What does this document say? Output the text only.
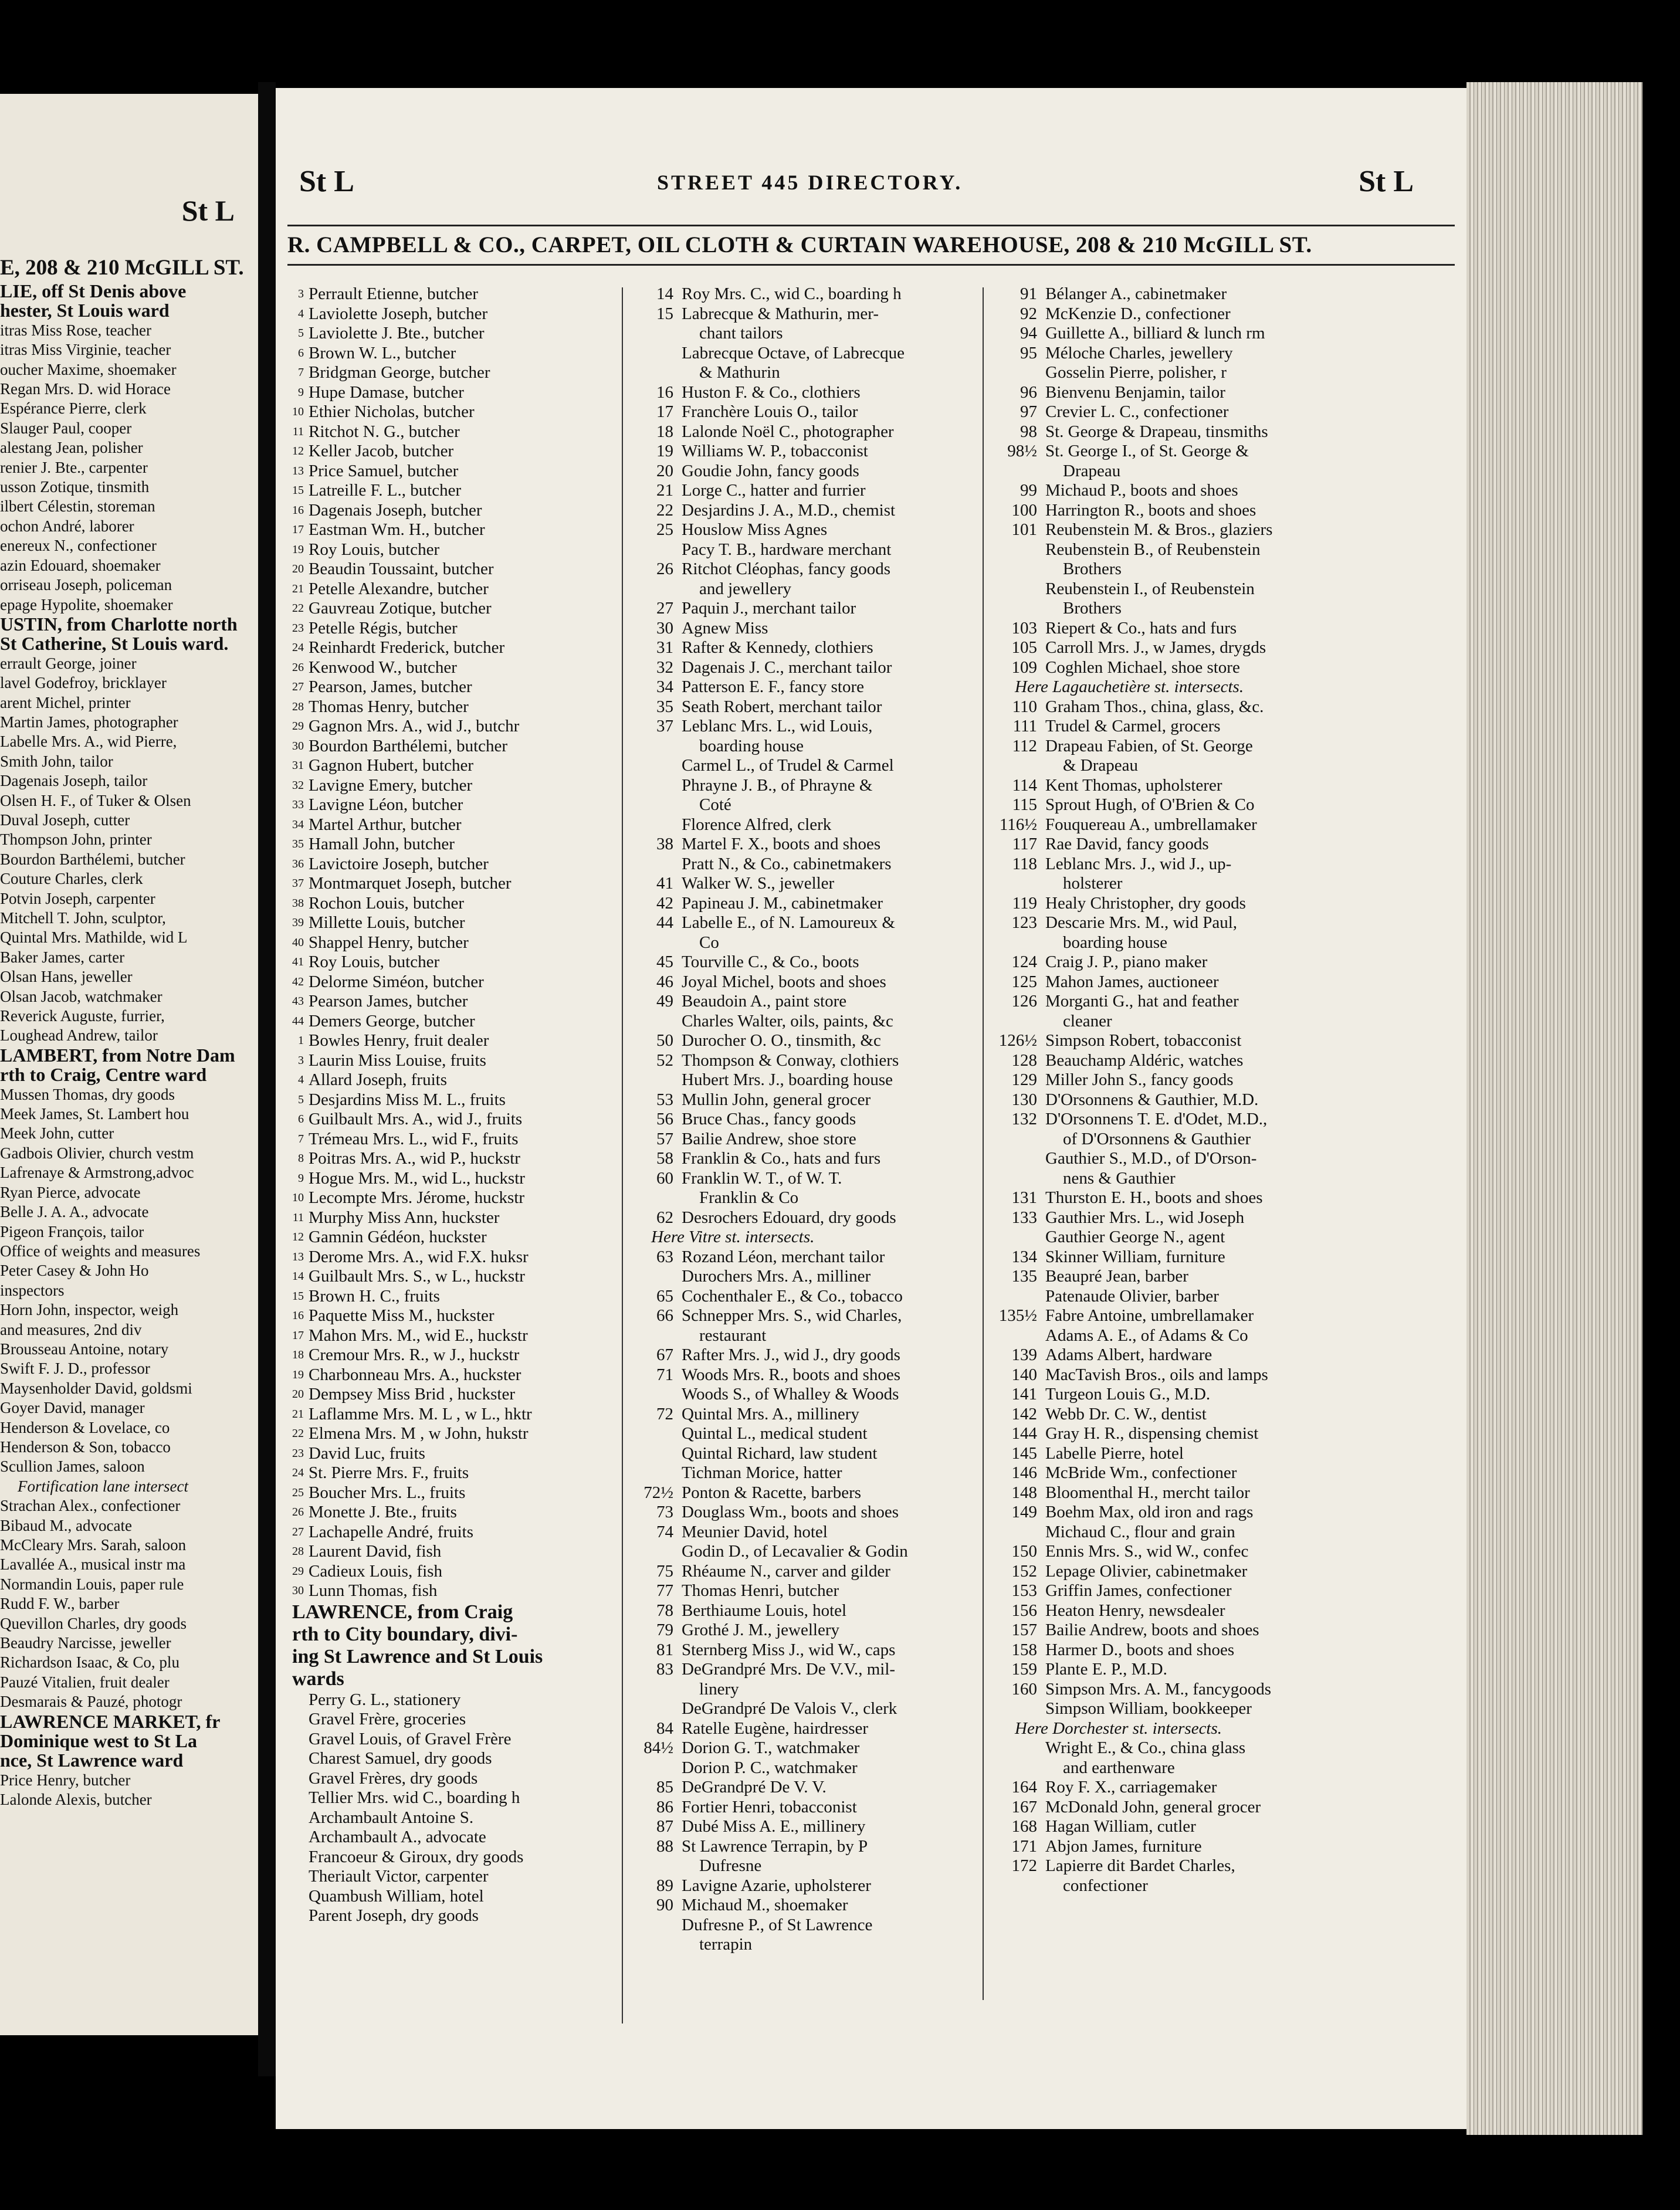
St L
E, 208 & 210 McGILL ST.
LIE, off St Denis above
hester, St Louis ward
itras Miss Rose, teacher
itras Miss Virginie, teacher
oucher Maxime, shoemaker
Regan Mrs. D. wid Horace
Espérance Pierre, clerk
Slauger Paul, cooper
alestang Jean, polisher
renier J. Bte., carpenter
usson Zotique, tinsmith
ilbert Célestin, storeman
ochon André, laborer
enereux N., confectioner
azin Edouard, shoemaker
orriseau Joseph, policeman
epage Hypolite, shoemaker
USTIN, from Charlotte north
St Catherine, St Louis ward.
errault George, joiner
lavel Godefroy, bricklayer
arent Michel, printer
Martin James, photographer
Labelle Mrs. A., wid Pierre,
Smith John, tailor
Dagenais Joseph, tailor
Olsen H. F., of Tuker & Olsen
Duval Joseph, cutter
Thompson John, printer
Bourdon Barthélemi, butcher
Couture Charles, clerk
Potvin Joseph, carpenter
Mitchell T. John, sculptor,
Quintal Mrs. Mathilde, wid L
Baker James, carter
Olsan Hans, jeweller
Olsan Jacob, watchmaker
Reverick Auguste, furrier,
Loughead Andrew, tailor
LAMBERT, from Notre Dam
rth to Craig, Centre ward
Mussen Thomas, dry goods
Meek James, St. Lambert hou
Meek John, cutter
Gadbois Olivier, church vestm
Lafrenaye & Armstrong,advoc
Ryan Pierce, advocate
Belle J. A. A., advocate
Pigeon François, tailor
Office of weights and measures
Peter Casey & John Ho
inspectors
Horn John, inspector, weigh
and measures, 2nd div
Brousseau Antoine, notary
Swift F. J. D., professor
Maysenholder David, goldsmi
Goyer David, manager
Henderson & Lovelace, co
Henderson & Son, tobacco
Scullion James, saloon
Fortification lane intersect
Strachan Alex., confectioner
Bibaud M., advocate
McCleary Mrs. Sarah, saloon
Lavallée A., musical instr ma
Normandin Louis, paper rule
Rudd F. W., barber
Quevillon Charles, dry goods
Beaudry Narcisse, jeweller
Richardson Isaac, & Co, plu
Pauzé Vitalien, fruit dealer
Desmarais & Pauzé, photogr
LAWRENCE MARKET, fr
Dominique west to St La
nce, St Lawrence ward
Price Henry, butcher
Lalonde Alexis, butcher
St L	STREET 445 DIRECTORY.	St L
R. CAMPBELL & CO., CARPET, OIL CLOTH & CURTAIN WAREHOUSE, 208 & 210 McGILL ST.
3 Perrault Etienne, butcher
4 Laviolette Joseph, butcher
5 Laviolette J. Bte., butcher
6 Brown W. L., butcher
7 Bridgman George, butcher
9 Hupe Damase, butcher
10 Ethier Nicholas, butcher
11 Ritchot N. G., butcher
12 Keller Jacob, butcher
13 Price Samuel, butcher
15 Latreille F. L., butcher
16 Dagenais Joseph, butcher
17 Eastman Wm. H., butcher
19 Roy Louis, butcher
20 Beaudin Toussaint, butcher
21 Petelle Alexandre, butcher
22 Gauvreau Zotique, butcher
23 Petelle Régis, butcher
24 Reinhardt Frederick, butcher
26 Kenwood W., butcher
27 Pearson, James, butcher
28 Thomas Henry, butcher
29 Gagnon Mrs. A., wid J., butchr
30 Bourdon Barthélemi, butcher
31 Gagnon Hubert, butcher
32 Lavigne Emery, butcher
33 Lavigne Léon, butcher
34 Martel Arthur, butcher
35 Hamall John, butcher
36 Lavictoire Joseph, butcher
37 Montmarquet Joseph, butcher
38 Rochon Louis, butcher
39 Millette Louis, butcher
40 Shappel Henry, butcher
41 Roy Louis, butcher
42 Delorme Siméon, butcher
43 Pearson James, butcher
44 Demers George, butcher
1 Bowles Henry, fruit dealer
3 Laurin Miss Louise, fruits
4 Allard Joseph, fruits
5 Desjardins Miss M. L., fruits
6 Guilbault Mrs. A., wid J., fruits
7 Trémeau Mrs. L., wid F., fruits
8 Poitras Mrs. A., wid P., huckstr
9 Hogue Mrs. M., wid L., huckstr
10 Lecompte Mrs. Jérome, huckstr
11 Murphy Miss Ann, huckster
12 Gamnin Gédéon, huckster
13 Derome Mrs. A., wid F.X. huksr
14 Guilbault Mrs. S., w L., huckstr
15 Brown H. C., fruits
16 Paquette Miss M., huckster
17 Mahon Mrs. M., wid E., huckstr
18 Cremour Mrs. R., w J., huckstr
19 Charbonneau Mrs. A., huckster
20 Dempsey Miss Brid , huckster
21 Laflamme Mrs. M. L , w L., hktr
22 Elmena Mrs. M , w John, hukstr
23 David Luc, fruits
24 St. Pierre Mrs. F., fruits
25 Boucher Mrs. L., fruits
26 Monette J. Bte., fruits
27 Lachapelle André, fruits
28 Laurent David, fish
29 Cadieux Louis, fish
30 Lunn Thomas, fish
LAWRENCE, from Craig
rth to City boundary, divi-
ing St Lawrence and St Louis
wards
Perry G. L., stationery
Gravel Frère, groceries
Gravel Louis, of Gravel Frère
Charest Samuel, dry goods
Gravel Frères, dry goods
Tellier Mrs. wid C., boarding h
Archambault Antoine S.
Archambault A., advocate
Francoeur & Giroux, dry goods
Theriault Victor, carpenter
Quambush William, hotel
Parent Joseph, dry goods
14 Roy Mrs. C., wid C., boarding h
15 Labrecque & Mathurin, mer-
chant tailors
Labrecque Octave, of Labrecque
& Mathurin
16 Huston F. & Co., clothiers
17 Franchère Louis O., tailor
18 Lalonde Noël C., photographer
19 Williams W. P., tobacconist
20 Goudie John, fancy goods
21 Lorge C., hatter and furrier
22 Desjardins J. A., M.D., chemist
25 Houslow Miss Agnes
Pacy T. B., hardware merchant
26 Ritchot Cléophas, fancy goods
and jewellery
27 Paquin J., merchant tailor
30 Agnew Miss
31 Rafter & Kennedy, clothiers
32 Dagenais J. C., merchant tailor
34 Patterson E. F., fancy store
35 Seath Robert, merchant tailor
37 Leblanc Mrs. L., wid Louis,
boarding house
Carmel L., of Trudel & Carmel
Phrayne J. B., of Phrayne &
Coté
Florence Alfred, clerk
38 Martel F. X., boots and shoes
Pratt N., & Co., cabinetmakers
41 Walker W. S., jeweller
42 Papineau J. M., cabinetmaker
44 Labelle E., of N. Lamoureux &
Co
45 Tourville C., & Co., boots
46 Joyal Michel, boots and shoes
49 Beaudoin A., paint store
Charles Walter, oils, paints, &c
50 Durocher O. O., tinsmith, &c
52 Thompson & Conway, clothiers
Hubert Mrs. J., boarding house
53 Mullin John, general grocer
56 Bruce Chas., fancy goods
57 Bailie Andrew, shoe store
58 Franklin & Co., hats and furs
60 Franklin W. T., of W. T.
Franklin & Co
62 Desrochers Edouard, dry goods
Here Vitre st. intersects.
63 Rozand Léon, merchant tailor
Durochers Mrs. A., milliner
65 Cochenthaler E., & Co., tobacco
66 Schnepper Mrs. S., wid Charles,
restaurant
67 Rafter Mrs. J., wid J., dry goods
71 Woods Mrs. R., boots and shoes
Woods S., of Whalley & Woods
72 Quintal Mrs. A., millinery
Quintal L., medical student
Quintal Richard, law student
Tichman Morice, hatter
72½ Ponton & Racette, barbers
73 Douglass Wm., boots and shoes
74 Meunier David, hotel
Godin D., of Lecavalier & Godin
75 Rhéaume N., carver and gilder
77 Thomas Henri, butcher
78 Berthiaume Louis, hotel
79 Grothé J. M., jewellery
81 Sternberg Miss J., wid W., caps
83 DeGrandpré Mrs. De V.V., mil-
linery
DeGrandpré De Valois V., clerk
84 Ratelle Eugène, hairdresser
84½ Dorion G. T., watchmaker
Dorion P. C., watchmaker
85 DeGrandpré De V. V.
86 Fortier Henri, tobacconist
87 Dubé Miss A. E., millinery
88 St Lawrence Terrapin, by P
Dufresne
89 Lavigne Azarie, upholsterer
90 Michaud M., shoemaker
Dufresne P., of St Lawrence
terrapin
91 Bélanger A., cabinetmaker
92 McKenzie D., confectioner
94 Guillette A., billiard & lunch rm
95 Méloche Charles, jewellery
Gosselin Pierre, polisher, r
96 Bienvenu Benjamin, tailor
97 Crevier L. C., confectioner
98 St. George & Drapeau, tinsmiths
98½ St. George I., of St. George &
Drapeau
99 Michaud P., boots and shoes
100 Harrington R., boots and shoes
101 Reubenstein M. & Bros., glaziers
Reubenstein B., of Reubenstein
Brothers
Reubenstein I., of Reubenstein
Brothers
103 Riepert & Co., hats and furs
105 Carroll Mrs. J., w James, drygds
109 Coghlen Michael, shoe store
Here Lagauchetière st. intersects.
110 Graham Thos., china, glass, &c.
111 Trudel & Carmel, grocers
112 Drapeau Fabien, of St. George
& Drapeau
114 Kent Thomas, upholsterer
115 Sprout Hugh, of O'Brien & Co
116½ Fouquereau A., umbrellamaker
117 Rae David, fancy goods
118 Leblanc Mrs. J., wid J., up-
holsterer
119 Healy Christopher, dry goods
123 Descarie Mrs. M., wid Paul,
boarding house
124 Craig J. P., piano maker
125 Mahon James, auctioneer
126 Morganti G., hat and feather
cleaner
126½ Simpson Robert, tobacconist
128 Beauchamp Aldéric, watches
129 Miller John S., fancy goods
130 D'Orsonnens & Gauthier, M.D.
132 D'Orsonnens T. E. d'Odet, M.D.,
of D'Orsonnens & Gauthier
Gauthier S., M.D., of D'Orson-
nens & Gauthier
131 Thurston E. H., boots and shoes
133 Gauthier Mrs. L., wid Joseph
Gauthier George N., agent
134 Skinner William, furniture
135 Beaupré Jean, barber
Patenaude Olivier, barber
135½ Fabre Antoine, umbrellamaker
Adams A. E., of Adams & Co
139 Adams Albert, hardware
140 MacTavish Bros., oils and lamps
141 Turgeon Louis G., M.D.
142 Webb Dr. C. W., dentist
144 Gray H. R., dispensing chemist
145 Labelle Pierre, hotel
146 McBride Wm., confectioner
148 Bloomenthal H., mercht tailor
149 Boehm Max, old iron and rags
Michaud C., flour and grain
150 Ennis Mrs. S., wid W., confec
152 Lepage Olivier, cabinetmaker
153 Griffin James, confectioner
156 Heaton Henry, newsdealer
157 Bailie Andrew, boots and shoes
158 Harmer D., boots and shoes
159 Plante E. P., M.D.
160 Simpson Mrs. A. M., fancygoods
Simpson William, bookkeeper
Here Dorchester st. intersects.
Wright E., & Co., china glass
and earthenware
164 Roy F. X., carriagemaker
167 McDonald John, general grocer
168 Hagan William, cutler
171 Abjon James, furniture
172 Lapierre dit Bardet Charles,
confectioner
